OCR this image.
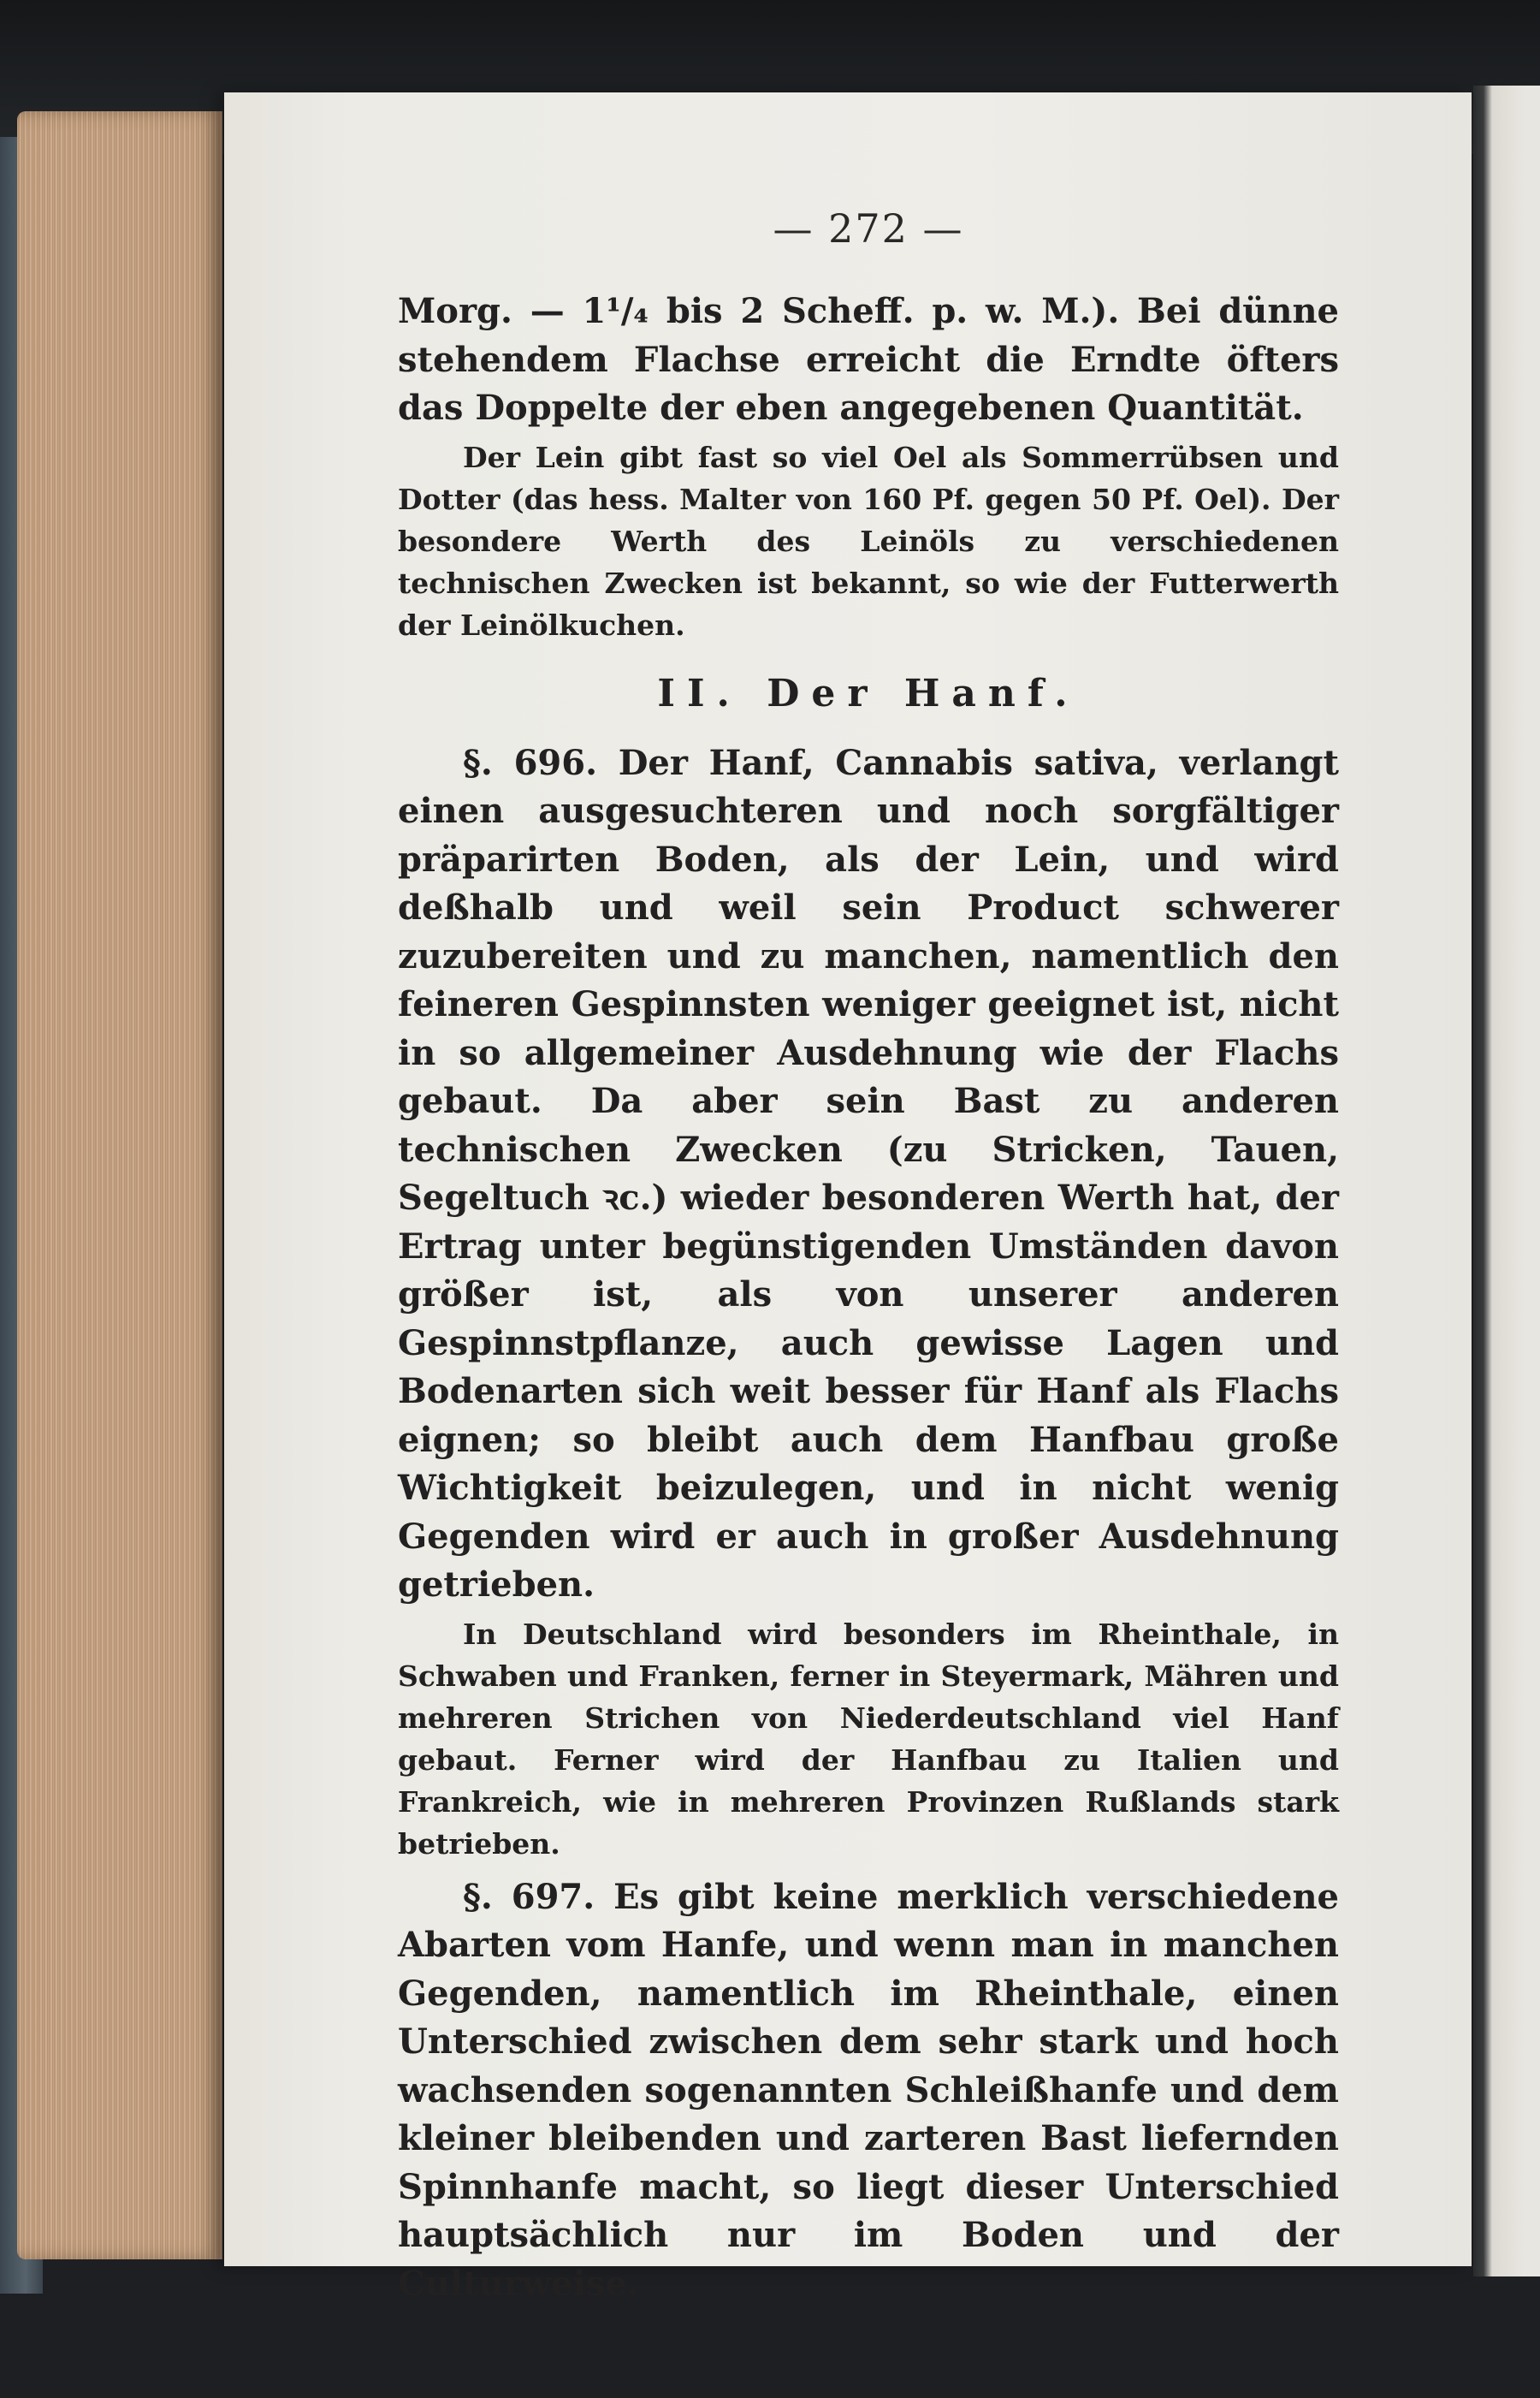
— 272 —

Morg. — 1¹/₄ bis 2 Scheff. p. w. M.). Bei dünne stehendem Flachse erreicht die Erndte öfters das Doppelte der eben angegebenen Quantität.

Der Lein gibt fast so viel Oel als Sommerrübsen und Dotter (das hess. Malter von 160 Pf. gegen 50 Pf. Oel). Der besondere Werth des Leinöls zu verschiedenen technischen Zwecken ist bekannt, so wie der Futterwerth der Leinölkuchen.

II. Der Hanf.

§. 696. Der Hanf, Cannabis sativa, verlangt einen ausgesuchteren und noch sorgfältiger präparirten Boden, als der Lein, und wird deßhalb und weil sein Product schwerer zuzubereiten und zu manchen, namentlich den feineren Gespinnsten weniger geeignet ist, nicht in so allgemeiner Ausdehnung wie der Flachs gebaut. Da aber sein Bast zu anderen technischen Zwecken (zu Stricken, Tauen, Segeltuch ꝛc.) wieder besonderen Werth hat, der Ertrag unter begünstigenden Umständen davon größer ist, als von unserer anderen Gespinnstpflanze, auch gewisse Lagen und Bodenarten sich weit besser für Hanf als Flachs eignen; so bleibt auch dem Hanfbau große Wichtigkeit beizulegen, und in nicht wenig Gegenden wird er auch in großer Ausdehnung getrieben.

In Deutschland wird besonders im Rheinthale, in Schwaben und Franken, ferner in Steyermark, Mähren und mehreren Strichen von Niederdeutschland viel Hanf gebaut. Ferner wird der Hanfbau zu Italien und Frankreich, wie in mehreren Provinzen Rußlands stark betrieben.

§. 697. Es gibt keine merklich verschiedene Abarten vom Hanfe, und wenn man in manchen Gegenden, namentlich im Rheinthale, einen Unterschied zwischen dem sehr stark und hoch wachsenden sogenannten Schleißhanfe und dem kleiner bleibenden und zarteren Bast liefernden Spinnhanfe macht, so liegt dieser Unterschied hauptsächlich nur im Boden und der Culturweise.
